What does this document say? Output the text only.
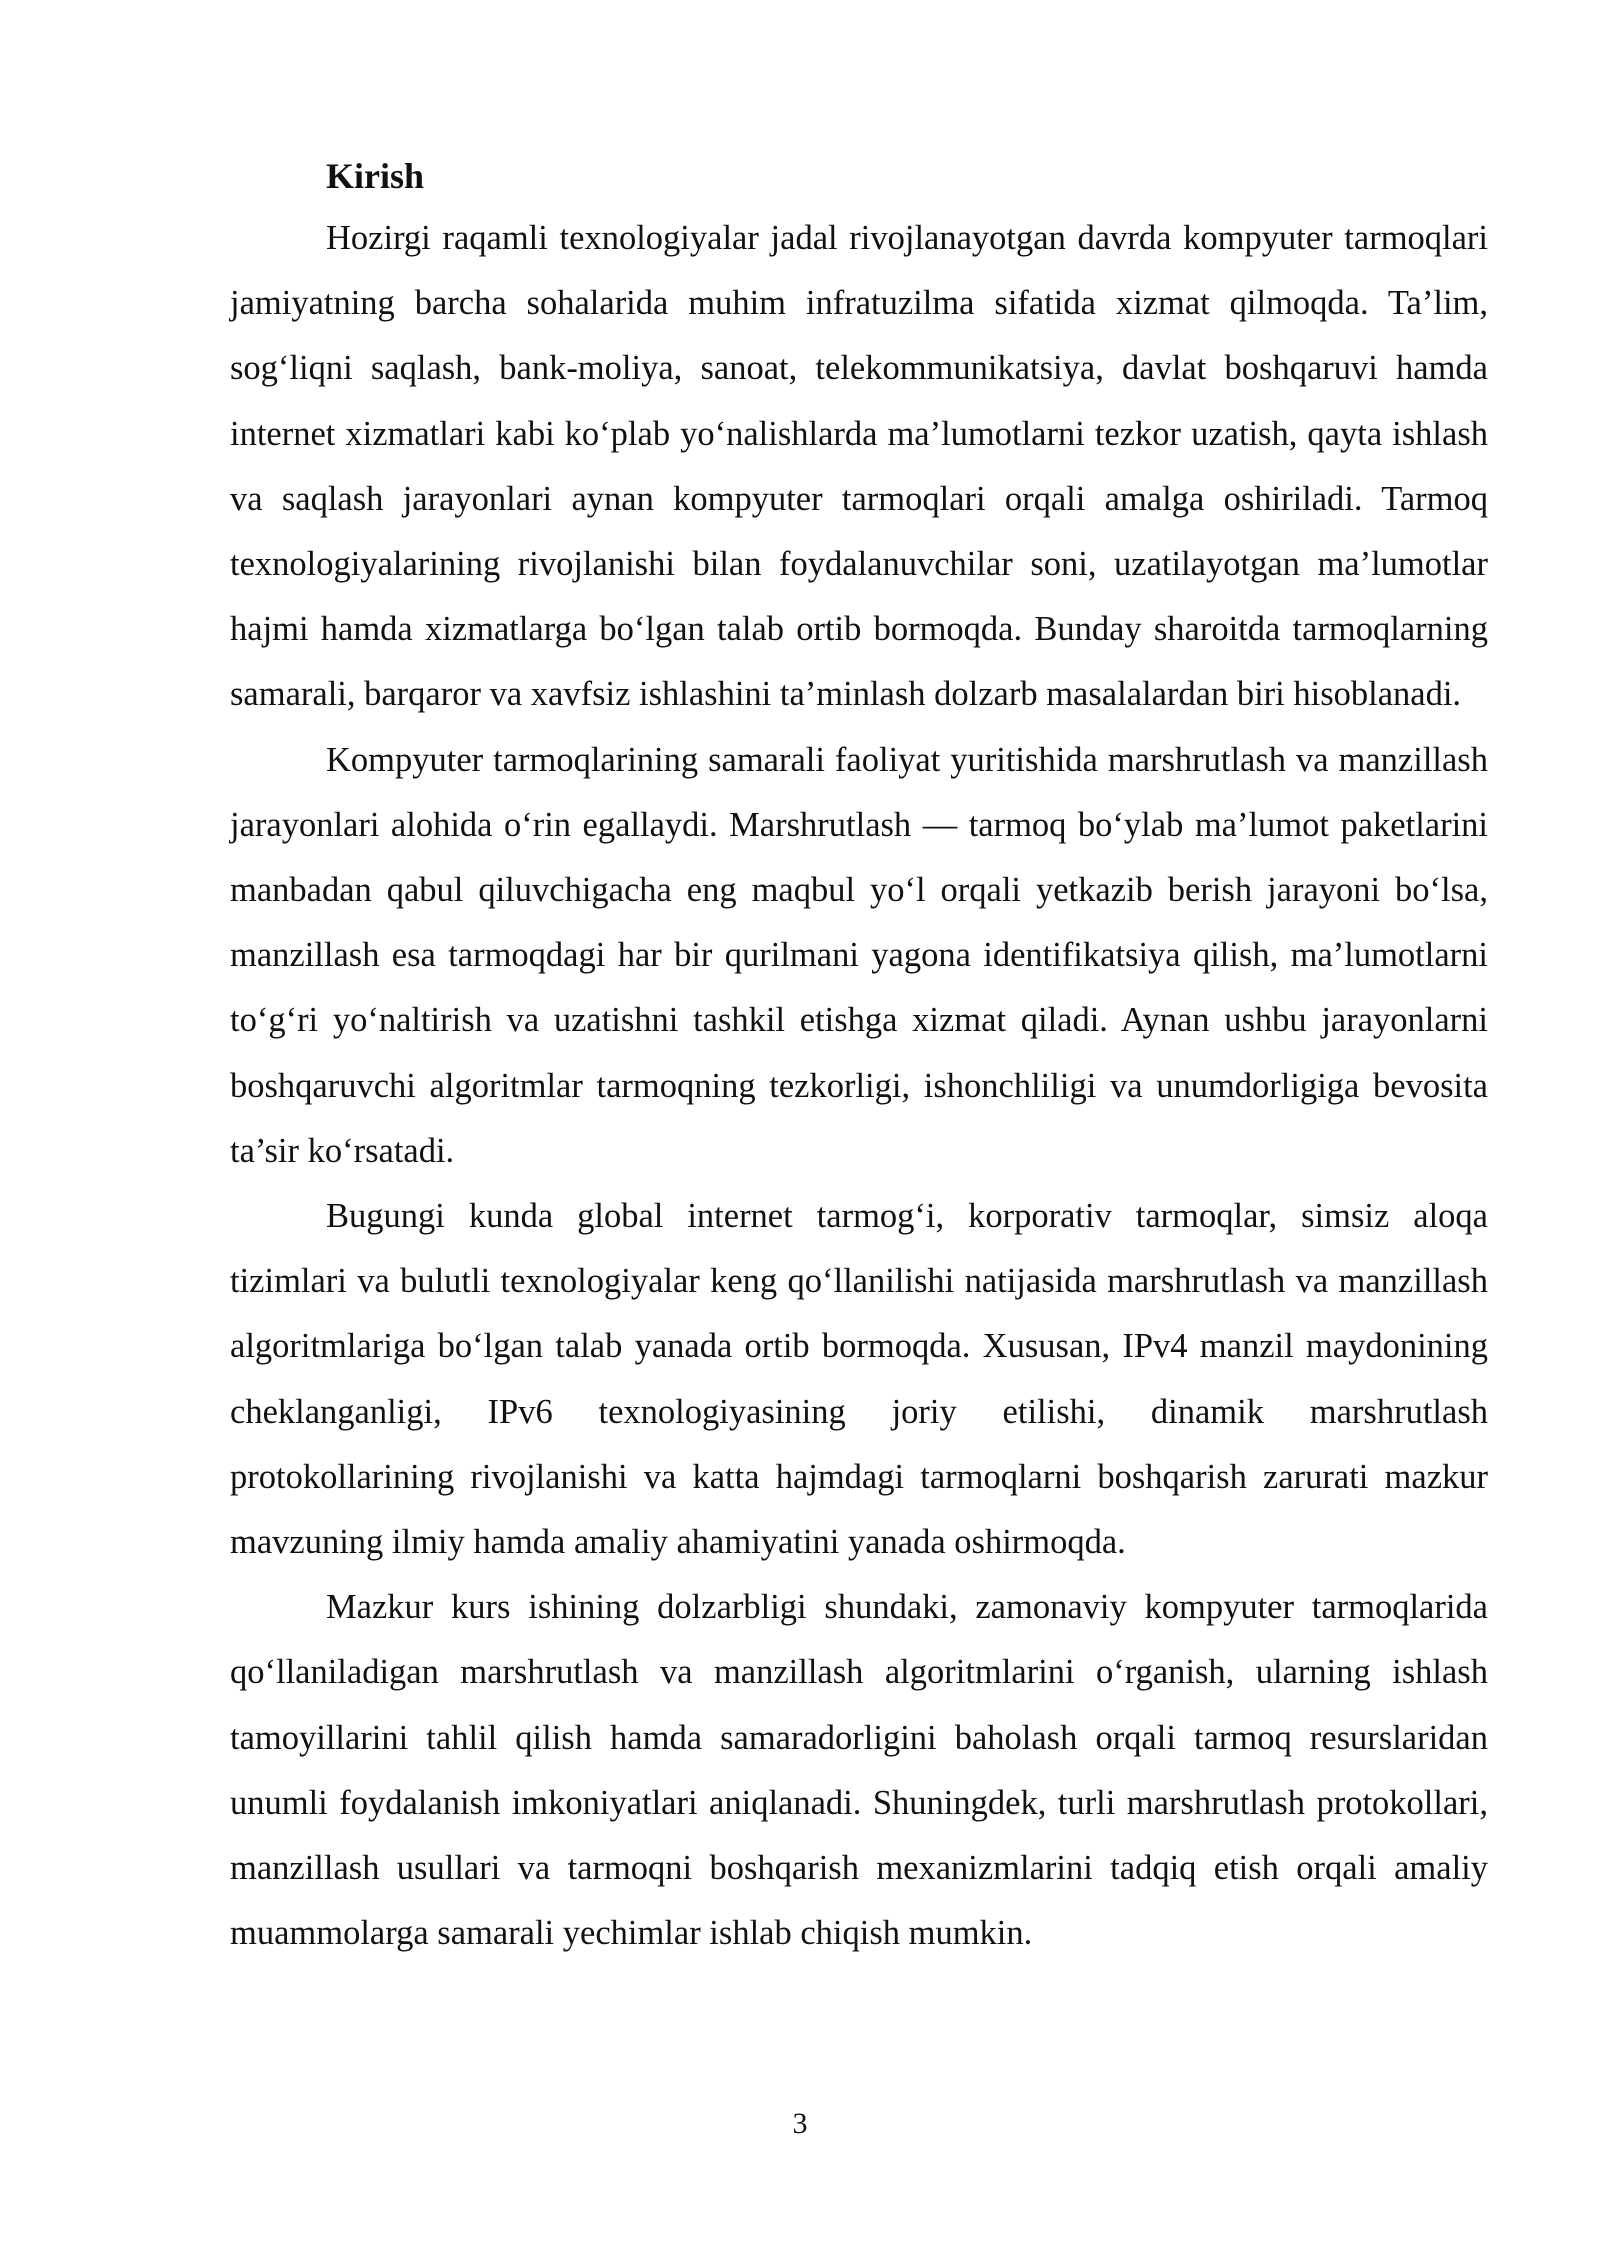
Kirish

Hozirgi raqamli texnologiyalar jadal rivojlanayotgan davrda kompyuter tarmoqlari jamiyatning barcha sohalarida muhim infratuzilma sifatida xizmat qilmoqda. Ta’lim, sog‘liqni saqlash, bank-moliya, sanoat, telekommunikatsiya, davlat boshqaruvi hamda internet xizmatlari kabi ko‘plab yo‘nalishlarda ma’lumotlarni tezkor uzatish, qayta ishlash va saqlash jarayonlari aynan kompyuter tarmoqlari orqali amalga oshiriladi. Tarmoq texnologiyalarining rivojlanishi bilan foydalanuvchilar soni, uzatilayotgan ma’lumotlar hajmi hamda xizmatlarga bo‘lgan talab ortib bormoqda. Bunday sharoitda tarmoqlarning samarali, barqaror va xavfsiz ishlashini ta’minlash dolzarb masalalardan biri hisoblanadi.

Kompyuter tarmoqlarining samarali faoliyat yuritishida marshrutlash va manzillash jarayonlari alohida o‘rin egallaydi. Marshrutlash — tarmoq bo‘ylab ma’lumot paketlarini manbadan qabul qiluvchigacha eng maqbul yo‘l orqali yetkazib berish jarayoni bo‘lsa, manzillash esa tarmoqdagi har bir qurilmani yagona identifikatsiya qilish, ma’lumotlarni to‘g‘ri yo‘naltirish va uzatishni tashkil etishga xizmat qiladi. Aynan ushbu jarayonlarni boshqaruvchi algoritmlar tarmoqning tezkorligi, ishonchliligi va unumdorligiga bevosita ta’sir ko‘rsatadi.

Bugungi kunda global internet tarmog‘i, korporativ tarmoqlar, simsiz aloqa tizimlari va bulutli texnologiyalar keng qo‘llanilishi natijasida marshrutlash va manzillash algoritmlariga bo‘lgan talab yanada ortib bormoqda. Xususan, IPv4 manzil maydonining cheklanganligi, IPv6 texnologiyasining joriy etilishi, dinamik marshrutlash protokollarining rivojlanishi va katta hajmdagi tarmoqlarni boshqarish zarurati mazkur mavzuning ilmiy hamda amaliy ahamiyatini yanada oshirmoqda.

Mazkur kurs ishining dolzarbligi shundaki, zamonaviy kompyuter tarmoqlarida qo‘llaniladigan marshrutlash va manzillash algoritmlarini o‘rganish, ularning ishlash tamoyillarini tahlil qilish hamda samaradorligini baholash orqali tarmoq resurslaridan unumli foydalanish imkoniyatlari aniqlanadi. Shuningdek, turli marshrutlash protokollari, manzillash usullari va tarmoqni boshqarish mexanizmlarini tadqiq etish orqali amaliy muammolarga samarali yechimlar ishlab chiqish mumkin.

3
